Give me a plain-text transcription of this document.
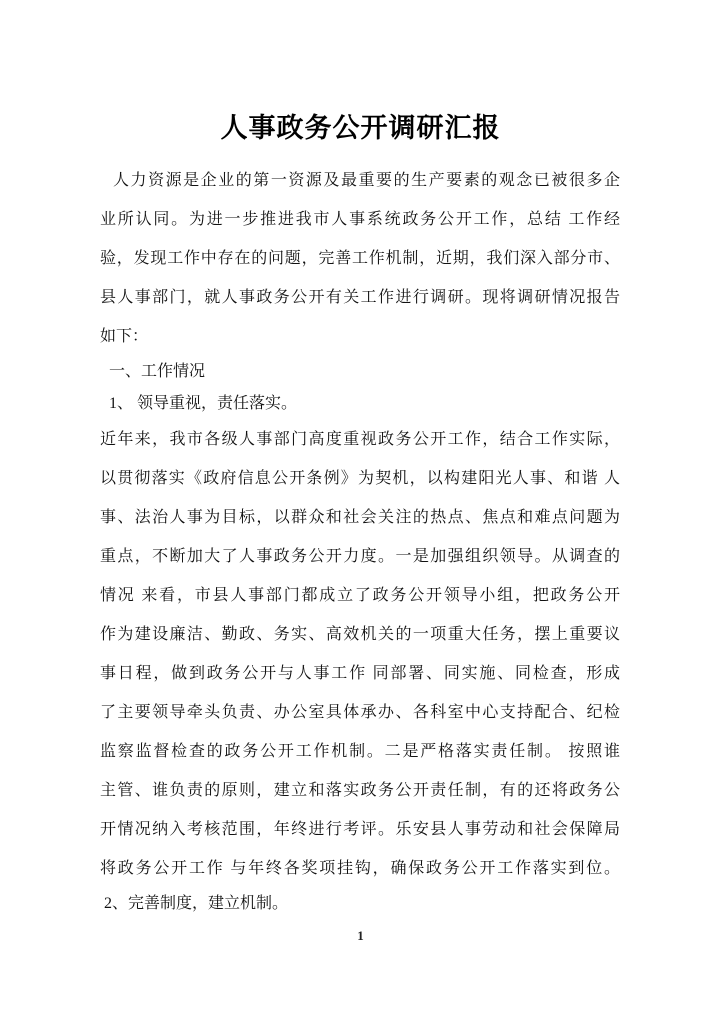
人事政务公开调研汇报
人力资源是企业的第一资源及最重要的生产要素的观念已被很多企
业所认同。为进一步推进我市人事系统政务公开工作，总结 工作经
验，发现工作中存在的问题，完善工作机制，近期，我们深入部分市、
县人事部门，就人事政务公开有关工作进行调研。现将调研情况报告
如下：
一、工作情况
1、 领导重视，责任落实。
近年来，我市各级人事部门高度重视政务公开工作，结合工作实际，
以贯彻落实《政府信息公开条例》为契机，以构建阳光人事、和谐 人
事、法治人事为目标，以群众和社会关注的热点、焦点和难点问题为
重点，不断加大了人事政务公开力度。一是加强组织领导。从调查的
情况 来看，市县人事部门都成立了政务公开领导小组，把政务公开
作为建设廉洁、勤政、务实、高效机关的一项重大任务，摆上重要议
事日程，做到政务公开与人事工作 同部署、同实施、同检查，形成
了主要领导牵头负责、办公室具体承办、各科室中心支持配合、纪检
监察监督检查的政务公开工作机制。二是严格落实责任制。 按照谁
主管、谁负责的原则，建立和落实政务公开责任制，有的还将政务公
开情况纳入考核范围，年终进行考评。乐安县人事劳动和社会保障局
将政务公开工作 与年终各奖项挂钩，确保政务公开工作落实到位。
2、完善制度，建立机制。
1
